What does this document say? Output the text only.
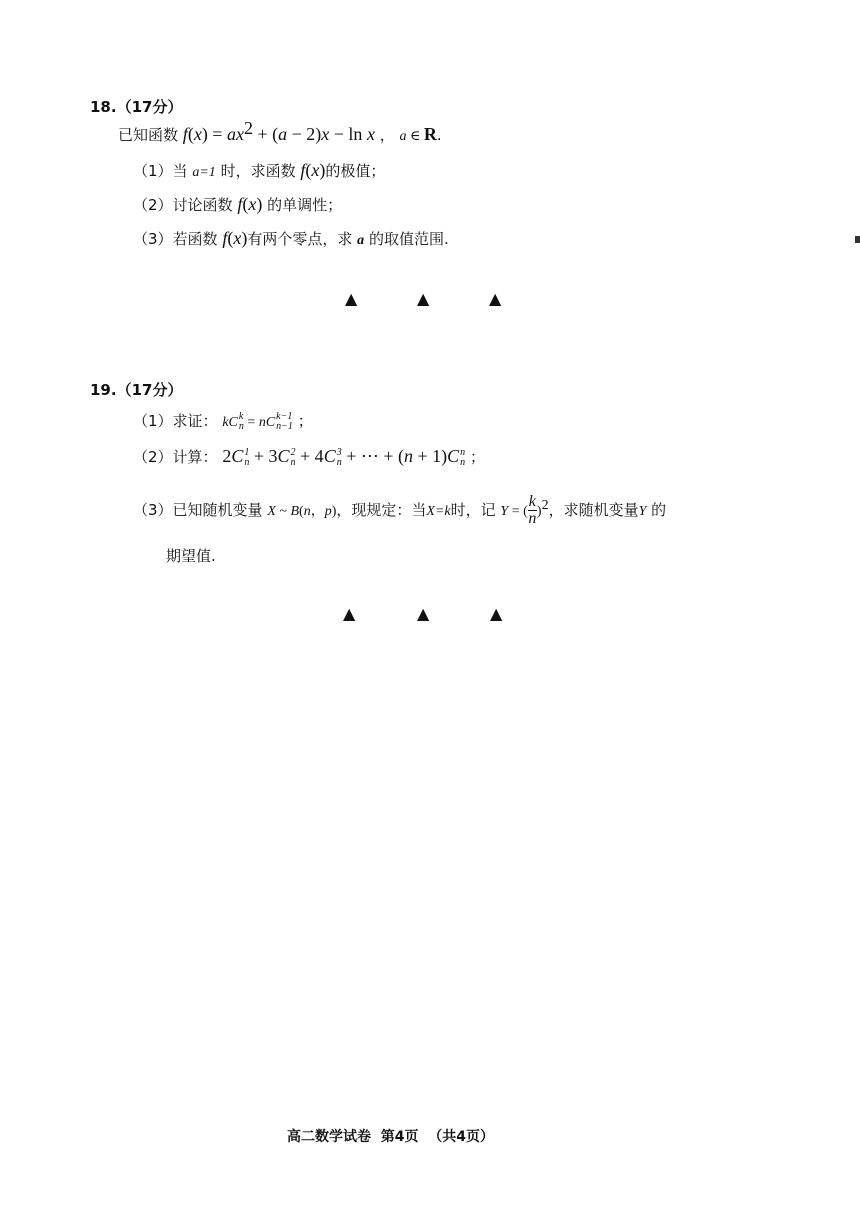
18.（17分）
已知函数 $f(x) = ax^2 + (a - 2)x - \ln x$ ， a ∈ R.
（1）当 a=1 时，求函数 f(x)的极值；
（2）讨论函数 f(x) 的单调性；
（3）若函数 f(x)有两个零点，求 a 的取值范围.
▲	▲	▲
19.（17分）
（1）求证： kC k
n = nC k−1
n−1 ；
（2）计算： 2C 1
n + 3C 2
n + 4C 3
n + ⋯ + (n + 1)C n
n ；
（3）已知随机变量 X ~ B(n，p)，现规定：当X=k时，记 Y = ( $\frac{k}{n} )^2$，求随机变量Y 的
期望值.
▲	▲	▲
高二数学试卷  第4页  （共4页）
